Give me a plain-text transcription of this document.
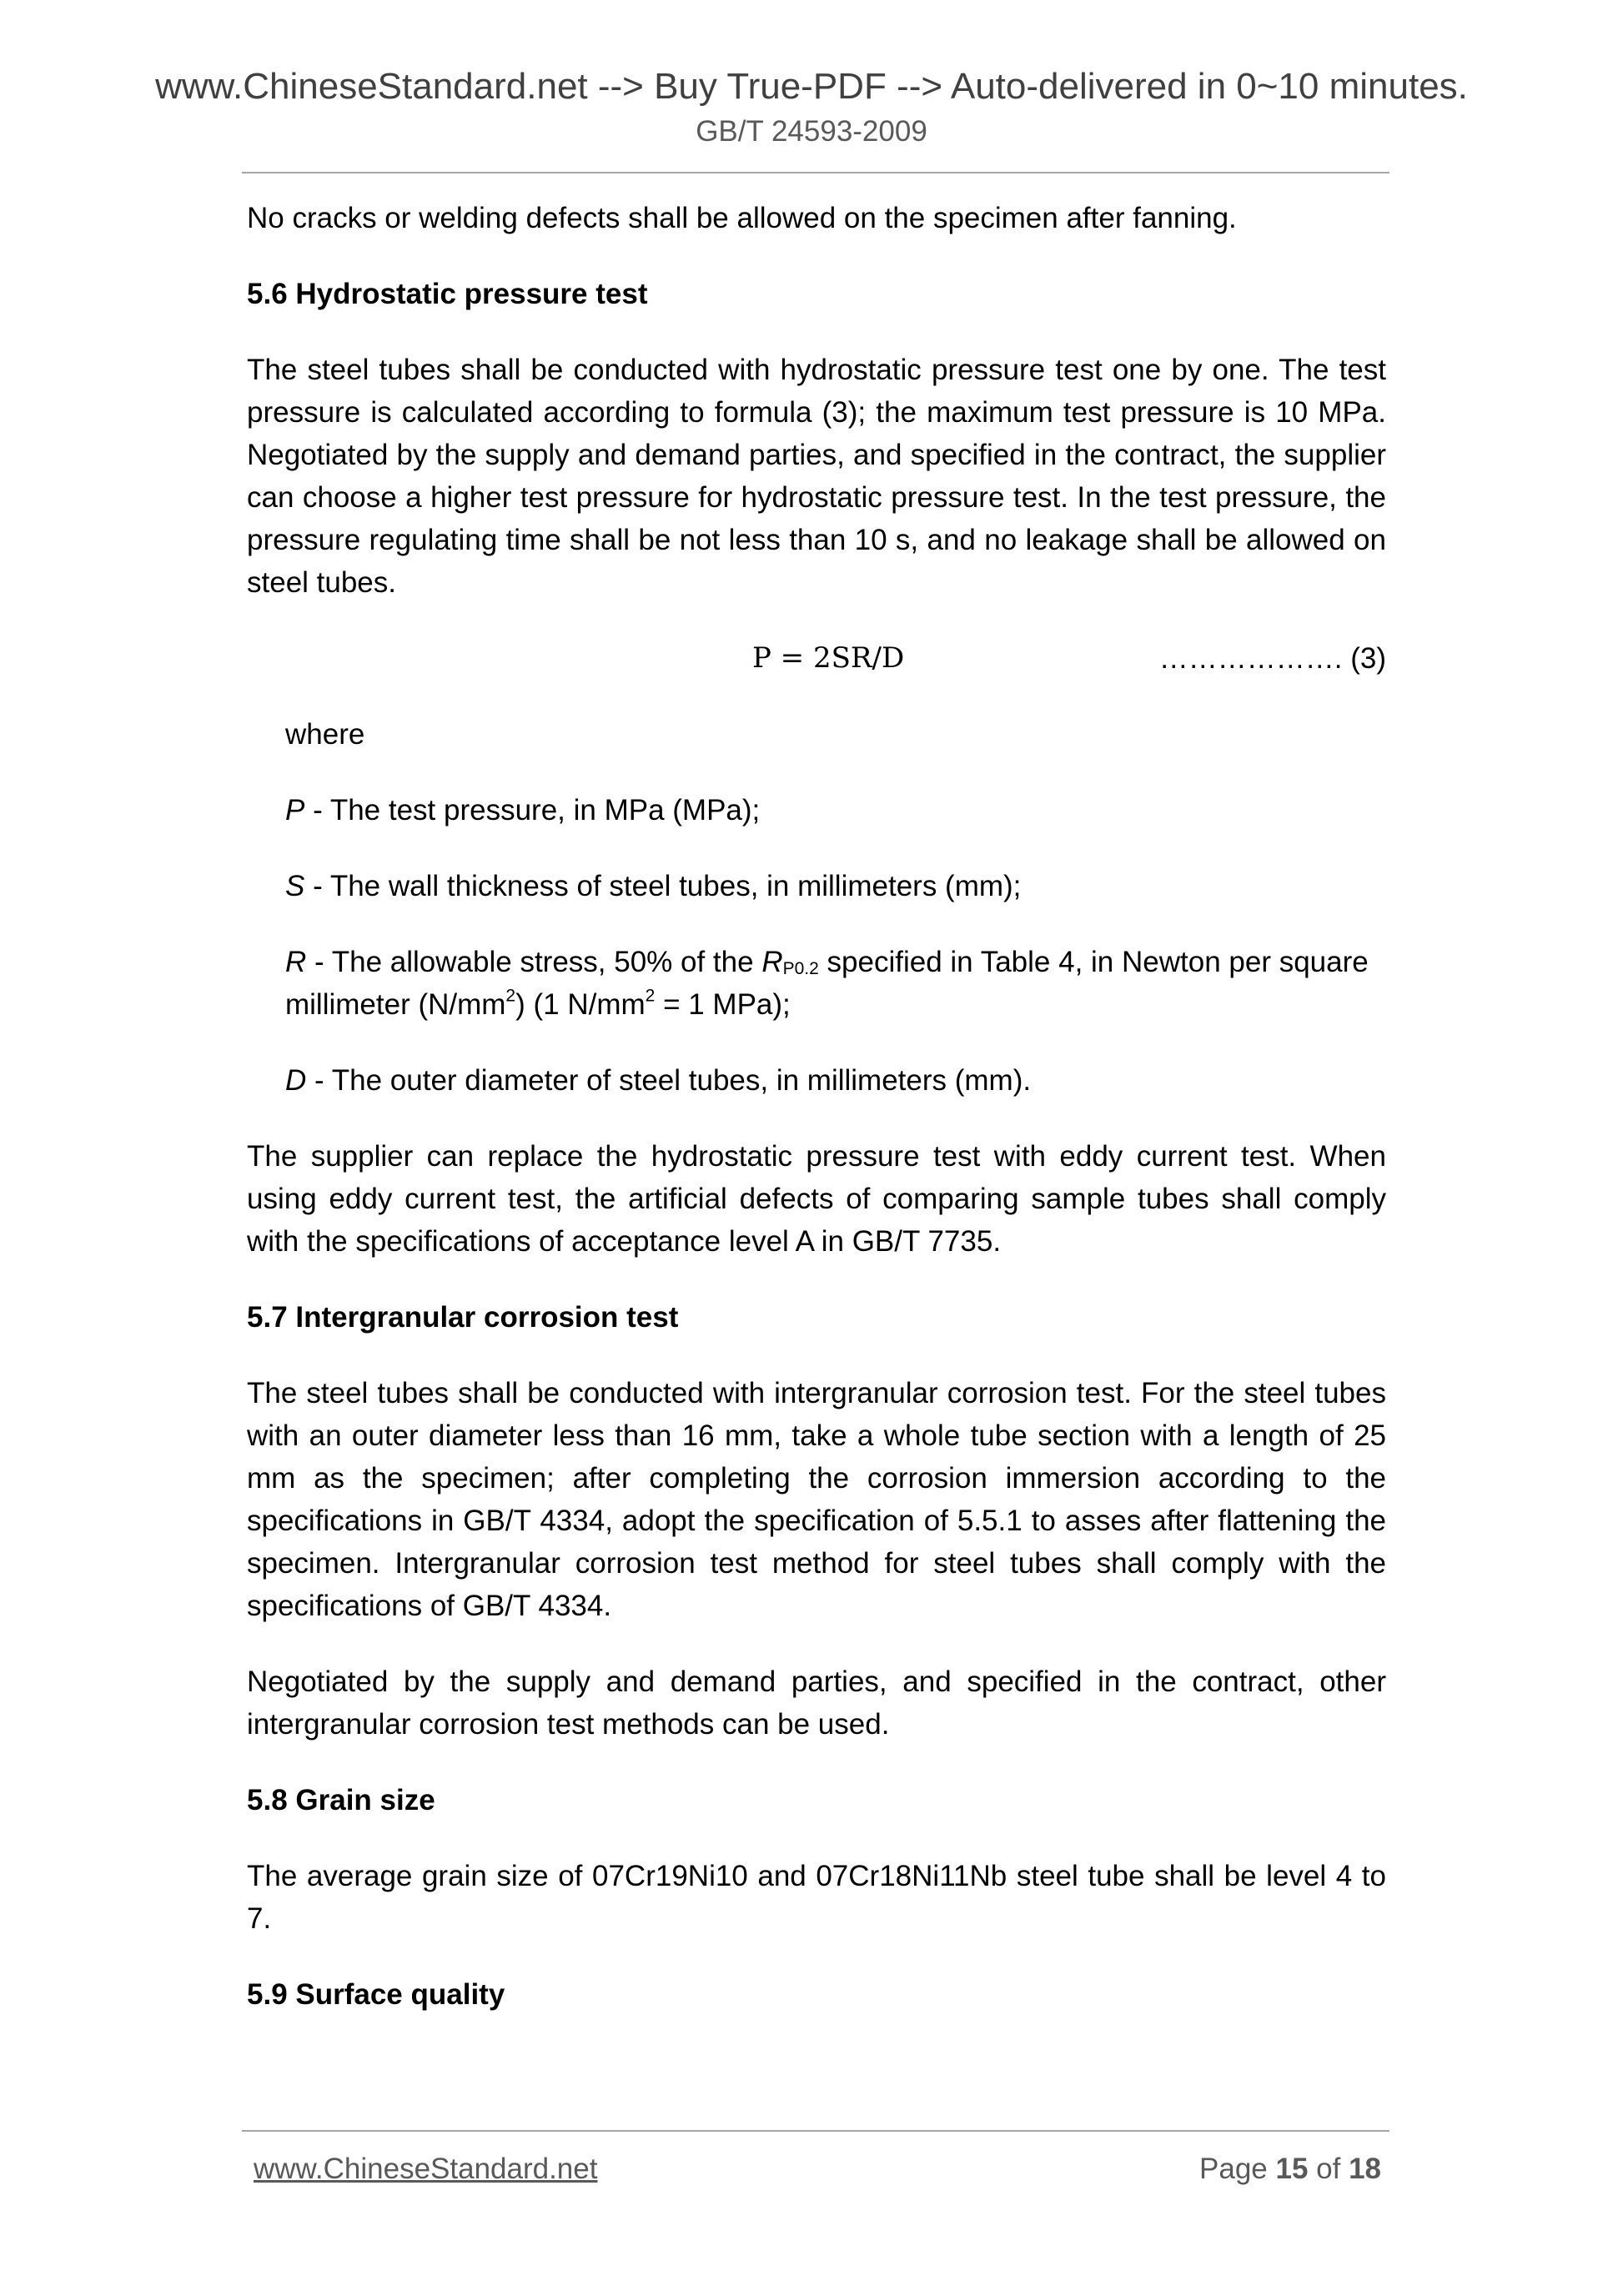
www.ChineseStandard.net --> Buy True-PDF --> Auto-delivered in 0~10 minutes.
GB/T 24593-2009

No cracks or welding defects shall be allowed on the specimen after fanning.

5.6 Hydrostatic pressure test

The steel tubes shall be conducted with hydrostatic pressure test one by one. The test pressure is calculated according to formula (3); the maximum test pressure is 10 MPa. Negotiated by the supply and demand parties, and specified in the contract, the supplier can choose a higher test pressure for hydrostatic pressure test. In the test pressure, the pressure regulating time shall be not less than 10 s, and no leakage shall be allowed on steel tubes.

P = 2SR/D	………………. (3)

where

P - The test pressure, in MPa (MPa);

S - The wall thickness of steel tubes, in millimeters (mm);

R - The allowable stress, 50% of the $R_{P0.2}$ specified in Table 4, in Newton per square millimeter $(N/mm^2)$ (1 $N/mm^2 = 1$ MPa);

D - The outer diameter of steel tubes, in millimeters (mm).

The supplier can replace the hydrostatic pressure test with eddy current test. When using eddy current test, the artificial defects of comparing sample tubes shall comply with the specifications of acceptance level A in GB/T 7735.

5.7 Intergranular corrosion test

The steel tubes shall be conducted with intergranular corrosion test. For the steel tubes with an outer diameter less than 16 mm, take a whole tube section with a length of 25 mm as the specimen; after completing the corrosion immersion according to the specifications in GB/T 4334, adopt the specification of 5.5.1 to asses after flattening the specimen. Intergranular corrosion test method for steel tubes shall comply with the specifications of GB/T 4334.

Negotiated by the supply and demand parties, and specified in the contract, other intergranular corrosion test methods can be used.

5.8 Grain size

The average grain size of 07Cr19Ni10 and 07Cr18Ni11Nb steel tube shall be level 4 to 7.

5.9 Surface quality
www.ChineseStandard.net	Page 15 of 18
